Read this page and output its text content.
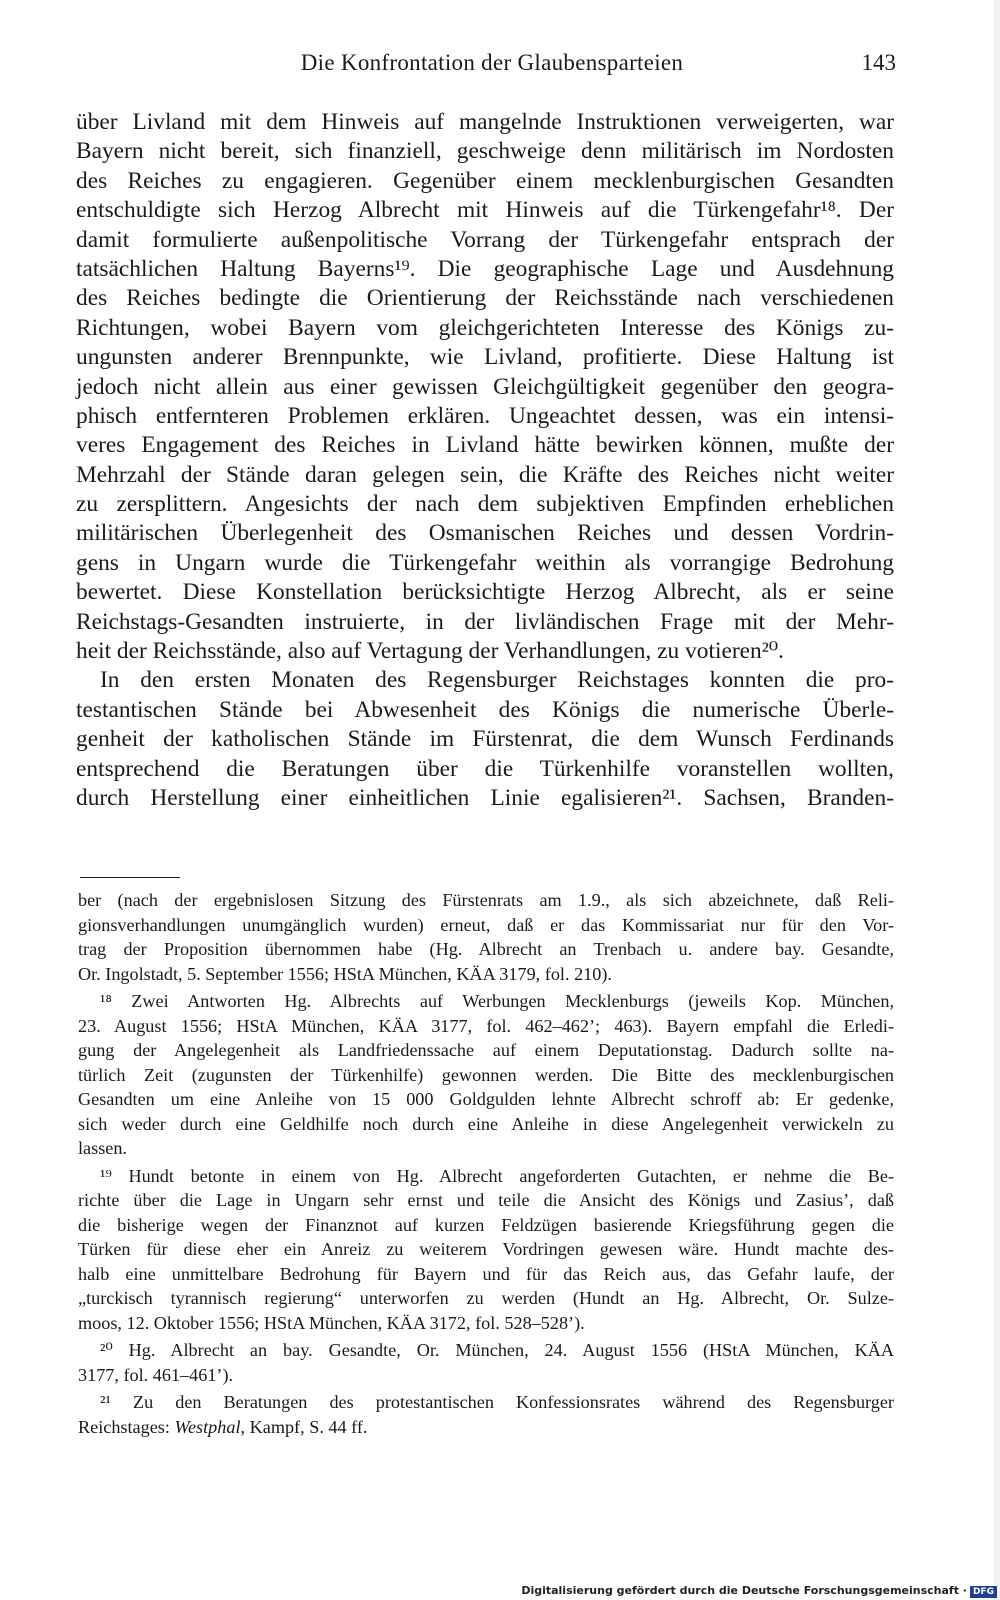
Die Konfrontation der Glaubensparteien	143
über Livland mit dem Hinweis auf mangelnde Instruktionen verweigerten, war
Bayern nicht bereit, sich finanziell, geschweige denn militärisch im Nordosten
des Reiches zu engagieren. Gegenüber einem mecklenburgischen Gesandten
entschuldigte sich Herzog Albrecht mit Hinweis auf die Türkengefahr¹⁸. Der
damit formulierte außenpolitische Vorrang der Türkengefahr entsprach der
tatsächlichen Haltung Bayerns¹⁹. Die geographische Lage und Ausdehnung
des Reiches bedingte die Orientierung der Reichsstände nach verschiedenen
Richtungen, wobei Bayern vom gleichgerichteten Interesse des Königs zu-
ungunsten anderer Brennpunkte, wie Livland, profitierte. Diese Haltung ist
jedoch nicht allein aus einer gewissen Gleichgültigkeit gegenüber den geogra-
phisch entfernteren Problemen erklären. Ungeachtet dessen, was ein intensi-
veres Engagement des Reiches in Livland hätte bewirken können, mußte der
Mehrzahl der Stände daran gelegen sein, die Kräfte des Reiches nicht weiter
zu zersplittern. Angesichts der nach dem subjektiven Empfinden erheblichen
militärischen Überlegenheit des Osmanischen Reiches und dessen Vordrin-
gens in Ungarn wurde die Türkengefahr weithin als vorrangige Bedrohung
bewertet. Diese Konstellation berücksichtigte Herzog Albrecht, als er seine
Reichstags-Gesandten instruierte, in der livländischen Frage mit der Mehr-
heit der Reichsstände, also auf Vertagung der Verhandlungen, zu votieren²⁰.
In den ersten Monaten des Regensburger Reichstages konnten die pro-
testantischen Stände bei Abwesenheit des Königs die numerische Überle-
genheit der katholischen Stände im Fürstenrat, die dem Wunsch Ferdinands
entsprechend die Beratungen über die Türkenhilfe voranstellen wollten,
durch Herstellung einer einheitlichen Linie egalisieren²¹. Sachsen, Branden-
ber (nach der ergebnislosen Sitzung des Fürstenrats am 1.9., als sich abzeichnete, daß Reli-
gionsverhandlungen unumgänglich wurden) erneut, daß er das Kommissariat nur für den Vor-
trag der Proposition übernommen habe (Hg. Albrecht an Trenbach u. andere bay. Gesandte,
Or. Ingolstadt, 5. September 1556; HStA München, KÄA 3179, fol. 210).
¹⁸ Zwei Antworten Hg. Albrechts auf Werbungen Mecklenburgs (jeweils Kop. München,
23. August 1556; HStA München, KÄA 3177, fol. 462–462’; 463). Bayern empfahl die Erledi-
gung der Angelegenheit als Landfriedenssache auf einem Deputationstag. Dadurch sollte na-
türlich Zeit (zugunsten der Türkenhilfe) gewonnen werden. Die Bitte des mecklenburgischen
Gesandten um eine Anleihe von 15 000 Goldgulden lehnte Albrecht schroff ab: Er gedenke,
sich weder durch eine Geldhilfe noch durch eine Anleihe in diese Angelegenheit verwickeln zu
lassen.
¹⁹ Hundt betonte in einem von Hg. Albrecht angeforderten Gutachten, er nehme die Be-
richte über die Lage in Ungarn sehr ernst und teile die Ansicht des Königs und Zasius’, daß
die bisherige wegen der Finanznot auf kurzen Feldzügen basierende Kriegsführung gegen die
Türken für diese eher ein Anreiz zu weiterem Vordringen gewesen wäre. Hundt machte des-
halb eine unmittelbare Bedrohung für Bayern und für das Reich aus, das Gefahr laufe, der
„turckisch tyrannisch regierung“ unterworfen zu werden (Hundt an Hg. Albrecht, Or. Sulze-
moos, 12. Oktober 1556; HStA München, KÄA 3172, fol. 528–528’).
²⁰ Hg. Albrecht an bay. Gesandte, Or. München, 24. August 1556 (HStA München, KÄA
3177, fol. 461–461’).
²¹ Zu den Beratungen des protestantischen Konfessionsrates während des Regensburger
Reichstages: Westphal, Kampf, S. 44 ff.
Digitalisierung gefördert durch die Deutsche Forschungsgemeinschaft · DFG
